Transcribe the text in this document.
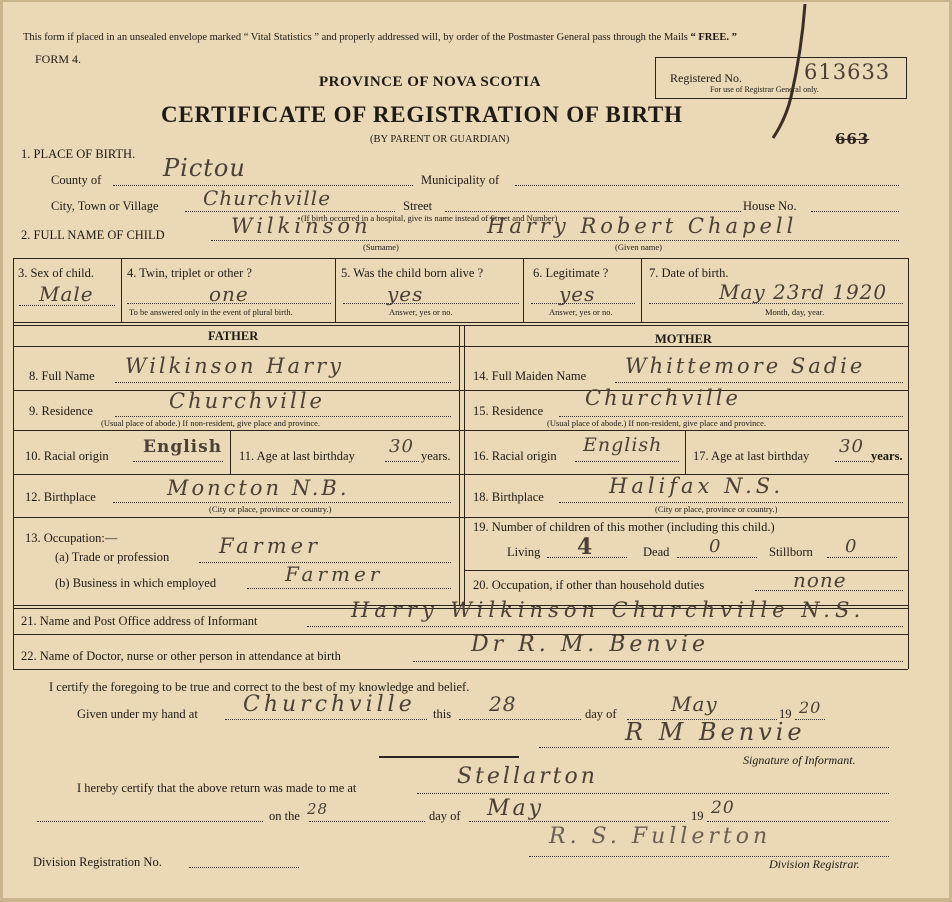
This form if placed in an unsealed envelope marked “ Vital Statistics ” and properly addressed will, by order of the Postmaster General pass through the Mails “ FREE. ”
FORM 4.
PROVINCE OF NOVA SCOTIA
CERTIFICATE OF REGISTRATION OF BIRTH
(BY PARENT OR GUARDIAN)
Registered No.
For use of Registrar General only.
613633
663
1. PLACE OF BIRTH.
County of	Pictou	Municipality of
City, Town or Village Churchville	Street	House No.
(If birth occurred in a hospital, give its name instead of Street and Number)
2. FULL NAME OF CHILD	Wilkinson	Harry Robert Chapell
(Surname)	(Given name)
3. Sex of child.
Male
4. Twin, triplet or other ?
one
To be answered only in the event of plural birth.
5. Was the child born alive ?
yes
Answer, yes or no.
6. Legitimate ?
yes
Answer, yes or no.
7. Date of birth.
May 23rd 1920
Month, day, year.
FATHER	MOTHER
8. Full Name Wilkinson Harry
9. Residence	Churchville
(Usual place of abode.) If non-resident, give place and province.
10. Racial origin English 11. Age at last birthday 30 years.
12. Birthplace	Moncton N.B.
(City or place, province or country.)
13. Occupation:—
(a) Trade or profession Farmer
(b) Business in which employed	Farmer
14. Full Maiden Name Whittemore Sadie
15. Residence
Churchville
(Usual place of abode.) If non-resident, give place and province.
16. Racial origin English 17. Age at last birthday 30 years.
18. Birthplace	Halifax N.S.
(City or place, province or country.)
19. Number of children of this mother (including this child.)
Living 4	Dead 0	Stillborn 0
20. Occupation, if other than household duties	none
21. Name and Post Office address of Informant	Harry Wilkinson Churchville N.S.
22. Name of Doctor, nurse or other person in attendance at birth	Dr R. M. Benvie
I certify the foregoing to be true and correct to the best of my knowledge and belief.
Given under my hand at Churchville this 28	day of	May	19 20
R M Benvie
Signature of Informant.
I hereby certify that the above return was made to me at	Stellarton
on the 28	day of May	19 20
R. S. Fullerton
Division Registration No.	Division Registrar.
